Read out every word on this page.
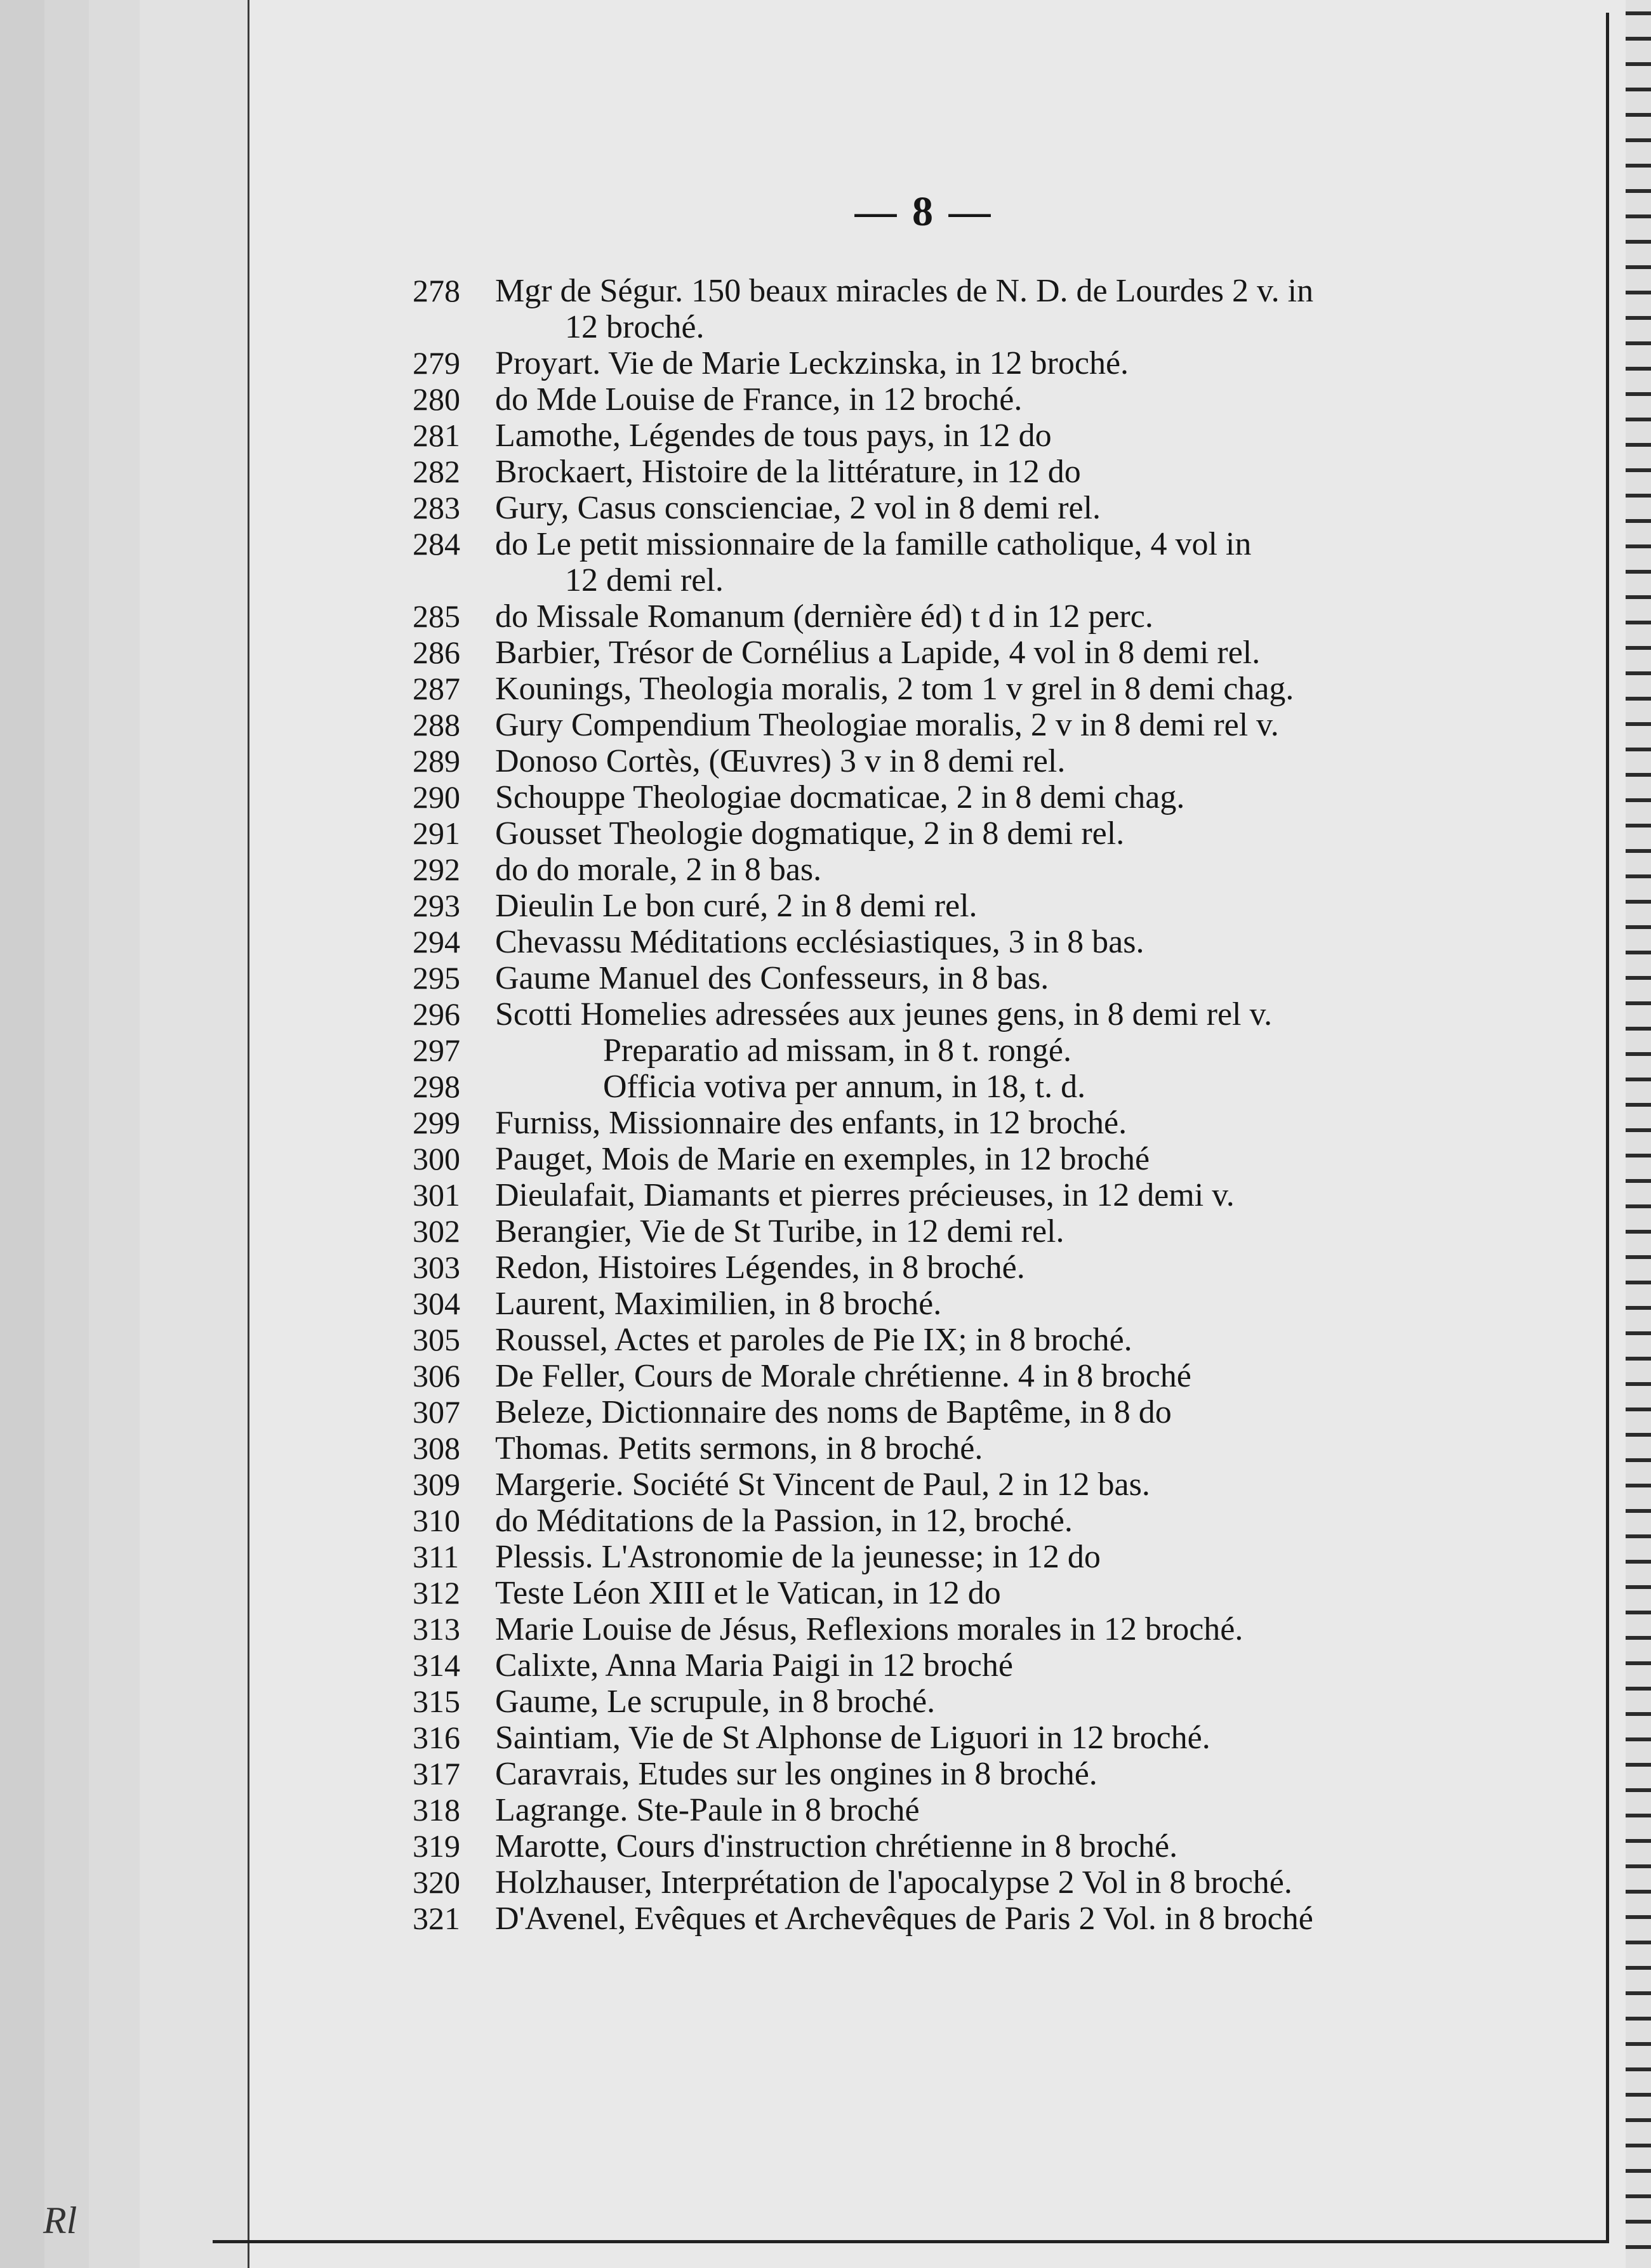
Rl
— 8 —
278	Mgr de Ségur. 150 beaux miracles de N. D. de Lourdes 2 v. in
12 broché.
279	Proyart. Vie de Marie Leckzinska, in 12 broché.
280	do Mde Louise de France, in 12 broché.
281	Lamothe, Légendes de tous pays, in 12 do
282	Brockaert, Histoire de la littérature, in 12 do
283	Gury, Casus conscienciae, 2 vol in 8 demi rel.
284	do Le petit missionnaire de la famille catholique, 4 vol in
12 demi rel.
285	do Missale Romanum (dernière éd) t d in 12 perc.
286	Barbier, Trésor de Cornélius a Lapide, 4 vol in 8 demi rel.
287	Kounings, Theologia moralis, 2 tom 1 v grel in 8 demi chag.
288	Gury Compendium Theologiae moralis, 2 v in 8 demi rel v.
289	Donoso Cortès, (Œuvres) 3 v in 8 demi rel.
290	Schouppe Theologiae docmaticae, 2 in 8 demi chag.
291	Gousset Theologie dogmatique, 2 in 8 demi rel.
292	do do morale, 2 in 8 bas.
293	Dieulin Le bon curé, 2 in 8 demi rel.
294	Chevassu Méditations ecclésiastiques, 3 in 8 bas.
295	Gaume Manuel des Confesseurs, in 8 bas.
296	Scotti Homelies adressées aux jeunes gens, in 8 demi rel v.
297	Preparatio ad missam, in 8 t. rongé.
298	Officia votiva per annum, in 18, t. d.
299	Furniss, Missionnaire des enfants, in 12 broché.
300	Pauget, Mois de Marie en exemples, in 12 broché
301	Dieulafait, Diamants et pierres précieuses, in 12 demi v.
302	Berangier, Vie de St Turibe, in 12 demi rel.
303	Redon, Histoires Légendes, in 8 broché.
304	Laurent, Maximilien, in 8 broché.
305	Roussel, Actes et paroles de Pie IX; in 8 broché.
306	De Feller, Cours de Morale chrétienne. 4 in 8 broché
307	Beleze, Dictionnaire des noms de Baptême, in 8 do
308	Thomas. Petits sermons, in 8 broché.
309	Margerie. Société St Vincent de Paul, 2 in 12 bas.
310	do Méditations de la Passion, in 12, broché.
311	Plessis. L'Astronomie de la jeunesse; in 12 do
312	Teste Léon XIII et le Vatican, in 12 do
313	Marie Louise de Jésus, Reflexions morales in 12 broché.
314	Calixte, Anna Maria Paigi in 12 broché
315	Gaume, Le scrupule, in 8 broché.
316	Saintiam, Vie de St Alphonse de Liguori in 12 broché.
317	Caravrais, Etudes sur les ongines in 8 broché.
318	Lagrange. Ste-Paule in 8 broché
319	Marotte, Cours d'instruction chrétienne in 8 broché.
320	Holzhauser, Interprétation de l'apocalypse 2 Vol in 8 broché.
321	D'Avenel, Evêques et Archevêques de Paris 2 Vol. in 8 broché
